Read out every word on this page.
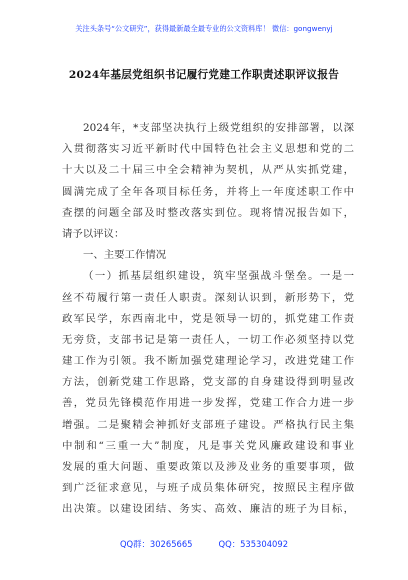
关注头条号“公文研究”，获得最新最全最专业的公文资料库！ 微信：gongwenyj
2024年基层党组织书记履行党建工作职责述职评议报告
2024年，*支部坚决执行上级党组织的安排部署，以深
入贯彻落实习近平新时代中国特色社会主义思想和党的二
十大以及二十届三中全会精神为契机，从严从实抓党建，
圆满完成了全年各项目标任务，并将上一年度述职工作中
查摆的问题全部及时整改落实到位。现将情况报告如下，
请予以评议：
一、主要工作情况
（一）抓基层组织建设，筑牢坚强战斗堡垒。一是一
丝不苟履行第一责任人职责。深刻认识到，新形势下，党
政军民学，东西南北中，党是领导一切的，抓党建工作责
无旁贷，支部书记是第一责任人，一切工作必须坚持以党
建工作为引领。我不断加强党建理论学习，改进党建工作
方法，创新党建工作思路，党支部的自身建设得到明显改
善，党员先锋模范作用进一步发挥，党建工作合力进一步
增强。二是聚精会神抓好支部班子建设。严格执行民主集
中制和“三重一大”制度，凡是事关党风廉政建设和事业
发展的重大问题、重要政策以及涉及业务的重要事项，做
到广泛征求意见，与班子成员集体研究，按照民主程序做
出决策。以建设团结、务实、高效、廉洁的班子为目标，
QQ群：30265665	QQ：535304092
